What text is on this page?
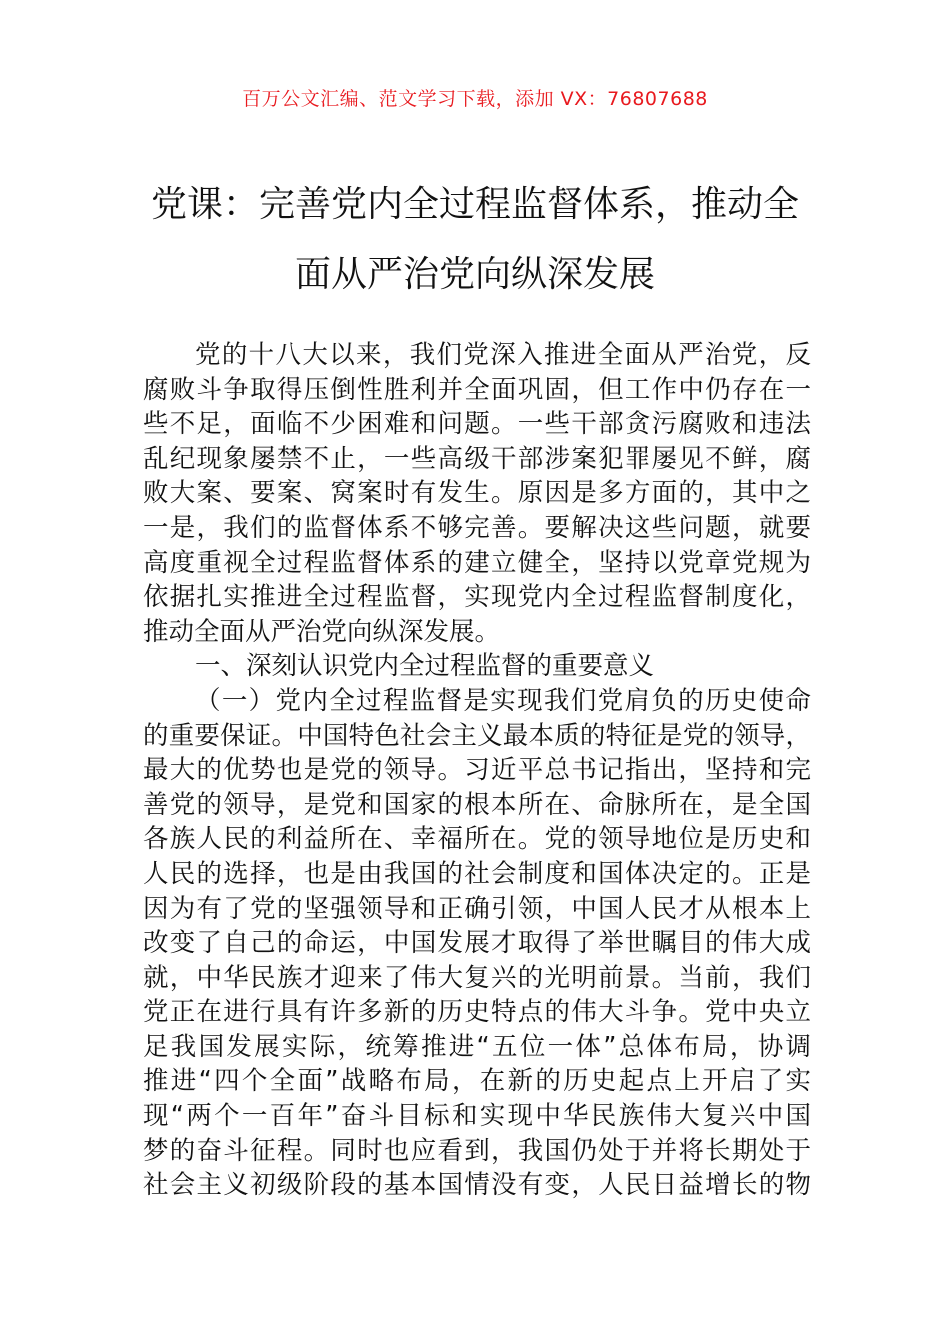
百万公文汇编、范文学习下载，添加 VX：76807688
党课：完善党内全过程监督体系，推动全
面从严治党向纵深发展
党的十八大以来，我们党深入推进全面从严治党，反
腐败斗争取得压倒性胜利并全面巩固，但工作中仍存在一
些不足，面临不少困难和问题。一些干部贪污腐败和违法
乱纪现象屡禁不止，一些高级干部涉案犯罪屡见不鲜，腐
败大案、要案、窝案时有发生。原因是多方面的，其中之
一是，我们的监督体系不够完善。要解决这些问题，就要
高度重视全过程监督体系的建立健全，坚持以党章党规为
依据扎实推进全过程监督，实现党内全过程监督制度化，
推动全面从严治党向纵深发展。
一、深刻认识党内全过程监督的重要意义
（一）党内全过程监督是实现我们党肩负的历史使命
的重要保证。中国特色社会主义最本质的特征是党的领导，
最大的优势也是党的领导。习近平总书记指出，坚持和完
善党的领导，是党和国家的根本所在、命脉所在，是全国
各族人民的利益所在、幸福所在。党的领导地位是历史和
人民的选择，也是由我国的社会制度和国体决定的。正是
因为有了党的坚强领导和正确引领，中国人民才从根本上
改变了自己的命运，中国发展才取得了举世瞩目的伟大成
就，中华民族才迎来了伟大复兴的光明前景。当前，我们
党正在进行具有许多新的历史特点的伟大斗争。党中央立
足我国发展实际，统筹推进“五位一体”总体布局，协调
推进“四个全面”战略布局，在新的历史起点上开启了实
现“两个一百年”奋斗目标和实现中华民族伟大复兴中国
梦的奋斗征程。同时也应看到，我国仍处于并将长期处于
社会主义初级阶段的基本国情没有变，人民日益增长的物
